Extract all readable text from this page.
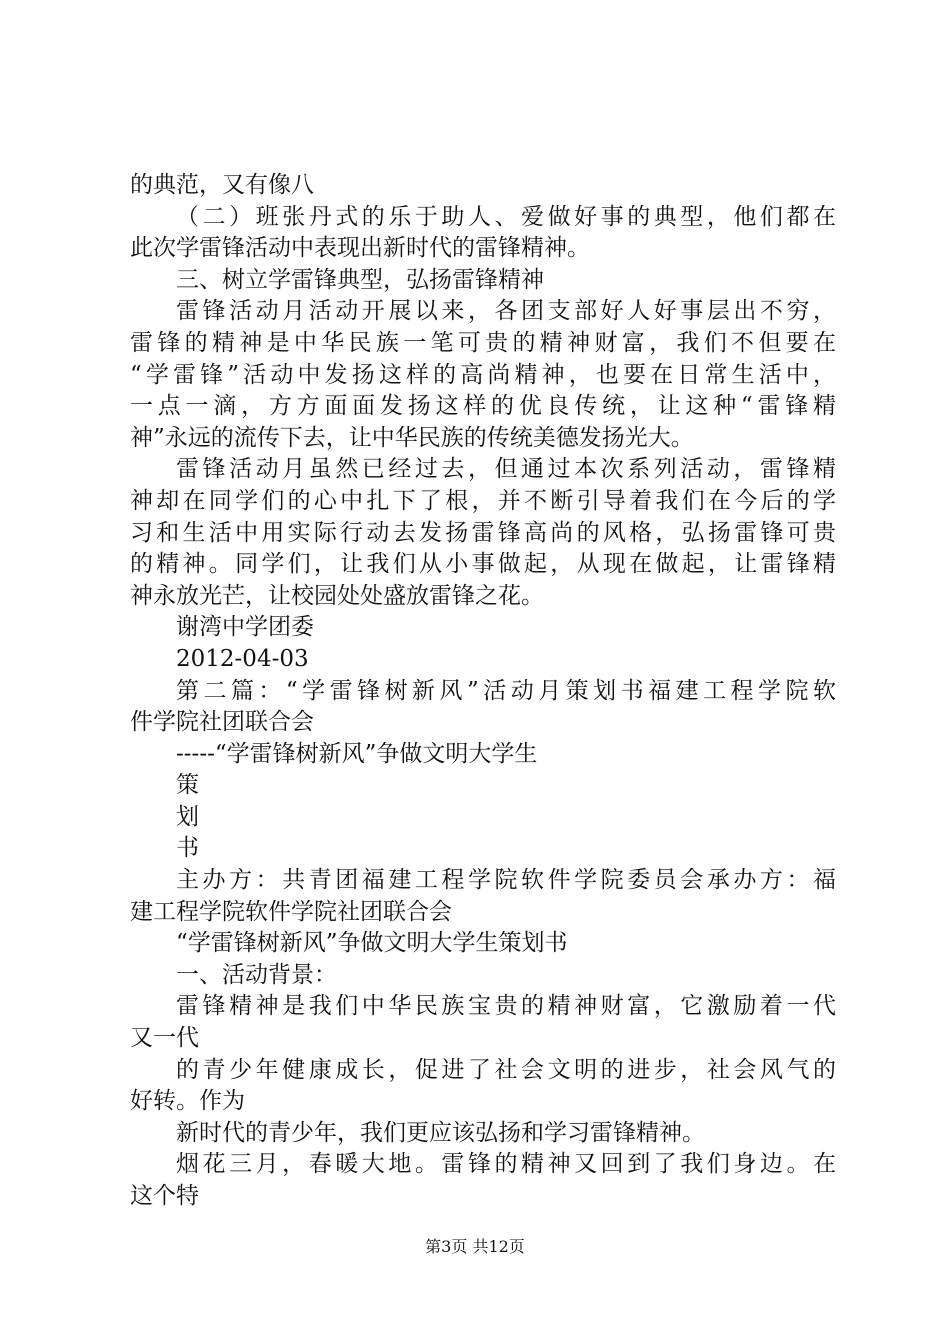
的典范，又有像八
（二）班张丹式的乐于助人、爱做好事的典型，他们都在
此次学雷锋活动中表现出新时代的雷锋精神。
三、树立学雷锋典型，弘扬雷锋精神
雷锋活动月活动开展以来，各团支部好人好事层出不穷，
雷锋的精神是中华民族一笔可贵的精神财富，我们不但要在
“学雷锋”活动中发扬这样的高尚精神，也要在日常生活中，
一点一滴，方方面面发扬这样的优良传统，让这种“雷锋精
神”永远的流传下去，让中华民族的传统美德发扬光大。
雷锋活动月虽然已经过去，但通过本次系列活动，雷锋精
神却在同学们的心中扎下了根，并不断引导着我们在今后的学
习和生活中用实际行动去发扬雷锋高尚的风格，弘扬雷锋可贵
的精神。同学们，让我们从小事做起，从现在做起，让雷锋精
神永放光芒，让校园处处盛放雷锋之花。
谢湾中学团委
2012-04-03
第二篇：“学雷锋树新风”活动月策划书福建工程学院软
件学院社团联合会
-----“学雷锋树新风”争做文明大学生
策
划
书
主办方：共青团福建工程学院软件学院委员会承办方：福
建工程学院软件学院社团联合会
“学雷锋树新风”争做文明大学生策划书
一、活动背景：
雷锋精神是我们中华民族宝贵的精神财富，它激励着一代
又一代
的青少年健康成长，促进了社会文明的进步，社会风气的
好转。作为
新时代的青少年，我们更应该弘扬和学习雷锋精神。
烟花三月，春暖大地。雷锋的精神又回到了我们身边。在
这个特
第3页 共12页
